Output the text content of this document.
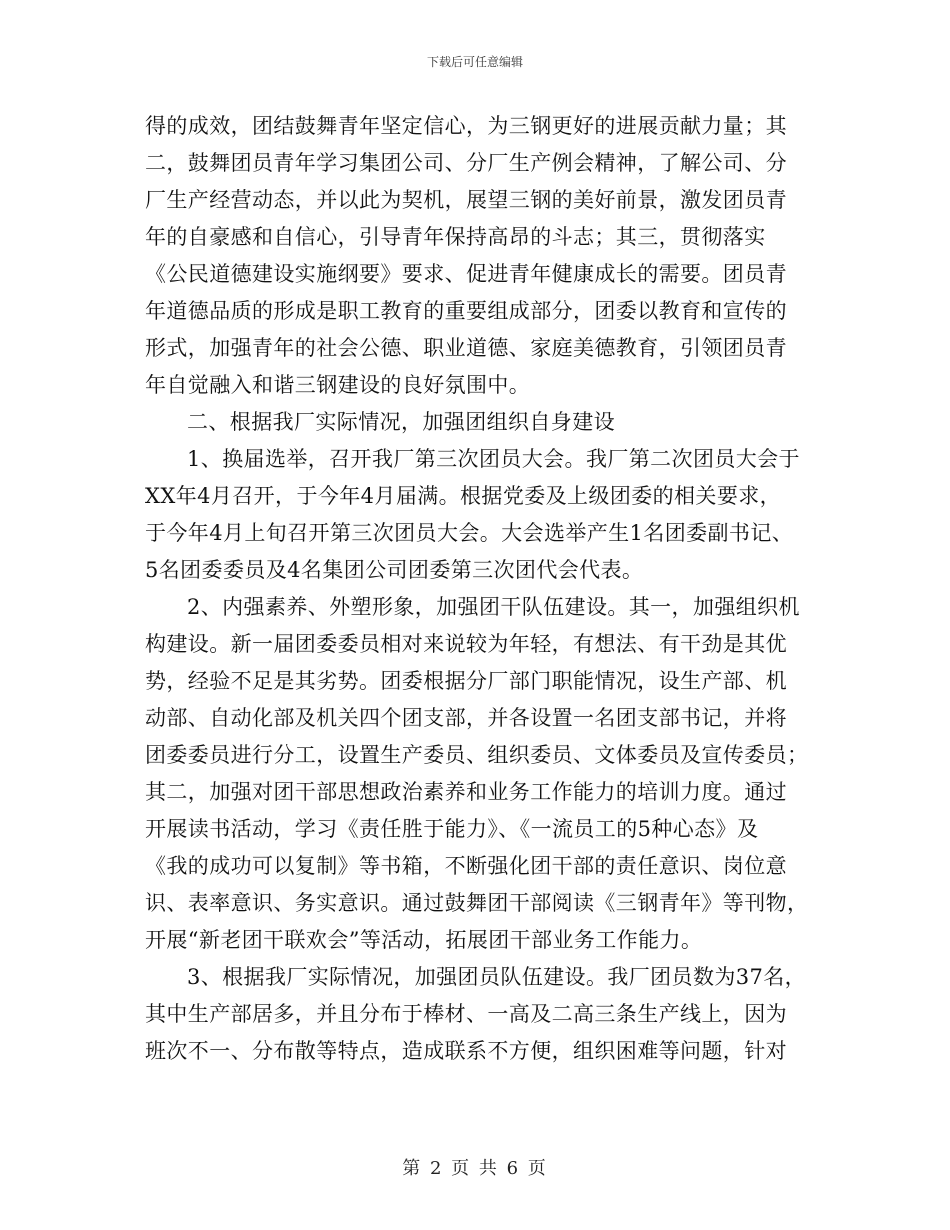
下载后可任意编辑
得的成效，团结鼓舞青年坚定信心，为三钢更好的进展贡献力量；其
二，鼓舞团员青年学习集团公司、分厂生产例会精神，了解公司、分
厂生产经营动态，并以此为契机，展望三钢的美好前景，激发团员青
年的自豪感和自信心，引导青年保持高昂的斗志；其三，贯彻落实
《公民道德建设实施纲要》要求、促进青年健康成长的需要。团员青
年道德品质的形成是职工教育的重要组成部分，团委以教育和宣传的
形式，加强青年的社会公德、职业道德、家庭美德教育，引领团员青
年自觉融入和谐三钢建设的良好氛围中。
二、根据我厂实际情况，加强团组织自身建设
1、换届选举，召开我厂第三次团员大会。我厂第二次团员大会于
XX年4月召开，于今年4月届满。根据党委及上级团委的相关要求，
于今年4月上旬召开第三次团员大会。大会选举产生1名团委副书记、
5名团委委员及4名集团公司团委第三次团代会代表。
2、内强素养、外塑形象，加强团干队伍建设。其一，加强组织机
构建设。新一届团委委员相对来说较为年轻，有想法、有干劲是其优
势，经验不足是其劣势。团委根据分厂部门职能情况，设生产部、机
动部、自动化部及机关四个团支部，并各设置一名团支部书记，并将
团委委员进行分工，设置生产委员、组织委员、文体委员及宣传委员；
其二，加强对团干部思想政治素养和业务工作能力的培训力度。通过
开展读书活动，学习《责任胜于能力》、《一流员工的5种心态》及
《我的成功可以复制》等书箱，不断强化团干部的责任意识、岗位意
识、表率意识、务实意识。通过鼓舞团干部阅读《三钢青年》等刊物，
开展“新老团干联欢会”等活动，拓展团干部业务工作能力。
3、根据我厂实际情况，加强团员队伍建设。我厂团员数为37名，
其中生产部居多，并且分布于棒材、一高及二高三条生产线上，因为
班次不一、分布散等特点，造成联系不方便，组织困难等问题，针对
第 2 页 共 6 页
